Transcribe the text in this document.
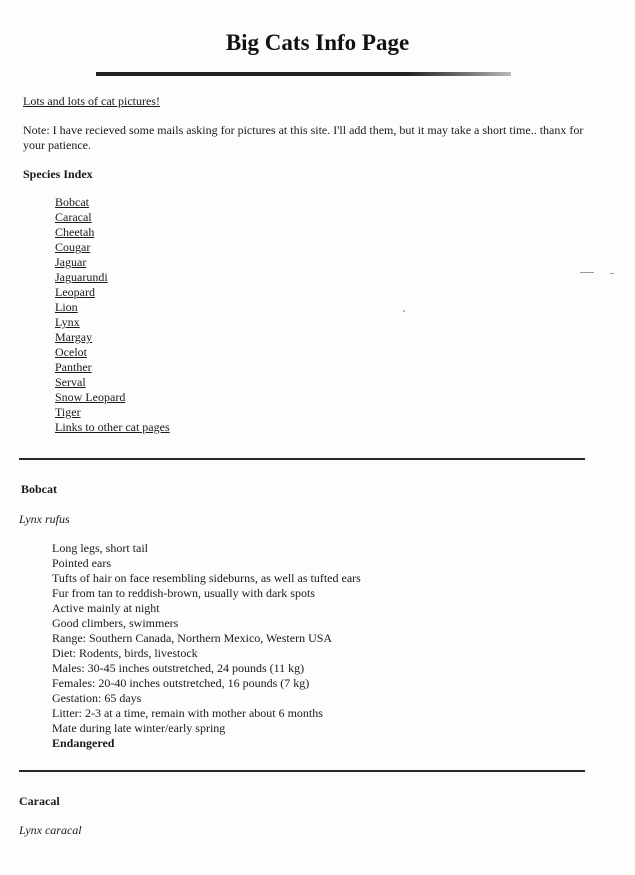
Big Cats Info Page

Lots and lots of cat pictures!

Note: I have recieved some mails asking for pictures at this site. I'll add them, but it may take a short time.. thanx for your patience.

Species Index

Bobcat
Caracal
Cheetah
Cougar
Jaguar
Jaguarundi
Leopard
Lion
Lynx
Margay
Ocelot
Panther
Serval
Snow Leopard
Tiger
Links to other cat pages

Bobcat

Lynx rufus

Long legs, short tail
Pointed ears
Tufts of hair on face resembling sideburns, as well as tufted ears
Fur from tan to reddish-brown, usually with dark spots
Active mainly at night
Good climbers, swimmers
Range: Southern Canada, Northern Mexico, Western USA
Diet: Rodents, birds, livestock
Males: 30-45 inches outstretched, 24 pounds (11 kg)
Females: 20-40 inches outstretched, 16 pounds (7 kg)
Gestation: 65 days
Litter: 2-3 at a time, remain with mother about 6 months
Mate during late winter/early spring
Endangered

Caracal

Lynx caracal
